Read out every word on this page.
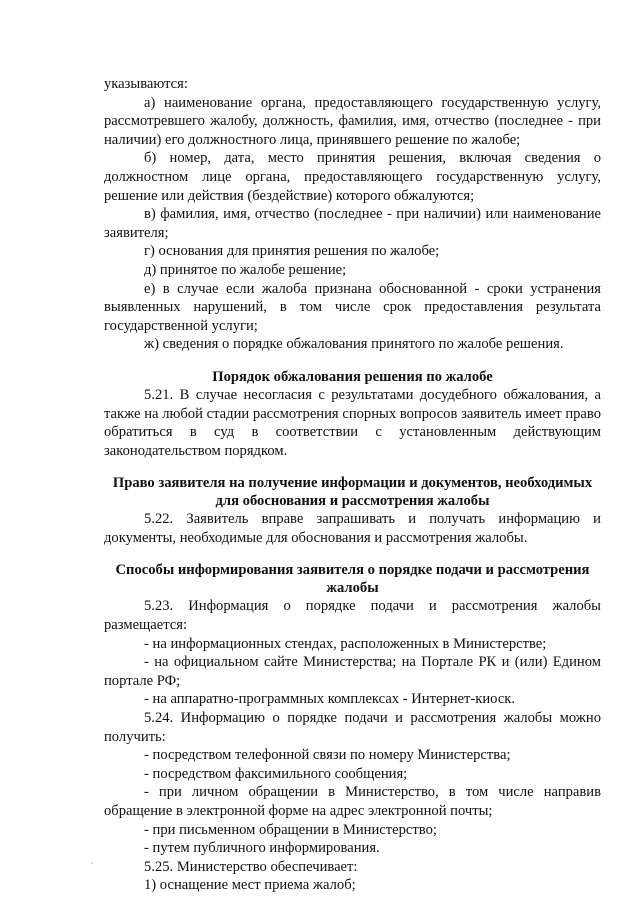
указываются:

а) наименование органа, предоставляющего государственную услугу, рассмотревшего жалобу, должность, фамилия, имя, отчество (последнее - при наличии) его должностного лица, принявшего решение по жалобе;

б) номер, дата, место принятия решения, включая сведения о должностном лице органа, предоставляющего государственную услугу, решение или действия (бездействие) которого обжалуются;

в) фамилия, имя, отчество (последнее - при наличии) или наименование заявителя;

г) основания для принятия решения по жалобе;

д) принятое по жалобе решение;

е) в случае если жалоба признана обоснованной - сроки устранения выявленных нарушений, в том числе срок предоставления результата государственной услуги;

ж) сведения о порядке обжалования принятого по жалобе решения.

Порядок обжалования решения по жалобе

5.21. В случае несогласия с результатами досудебного обжалования, а также на любой стадии рассмотрения спорных вопросов заявитель имеет право обратиться в суд в соответствии с установленным действующим законодательством порядком.

Право заявителя на получение информации и документов, необходимых
для обоснования и рассмотрения жалобы

5.22. Заявитель вправе запрашивать и получать информацию и документы, необходимые для обоснования и рассмотрения жалобы.

Способы информирования заявителя о порядке подачи и рассмотрения
жалобы

5.23. Информация о порядке подачи и рассмотрения жалобы размещается:

- на информационных стендах, расположенных в Министерстве;

- на официальном сайте Министерства; на Портале РК и (или) Едином портале РФ;

- на аппаратно-программных комплексах - Интернет-киоск.

5.24. Информацию о порядке подачи и рассмотрения жалобы можно получить:

- посредством телефонной связи по номеру Министерства;

- посредством факсимильного сообщения;

- при личном обращении в Министерство, в том числе направив обращение в электронной форме на адрес электронной почты;

- при письменном обращении в Министерство;

- путем публичного информирования.

5.25. Министерство обеспечивает:

1) оснащение мест приема жалоб;
